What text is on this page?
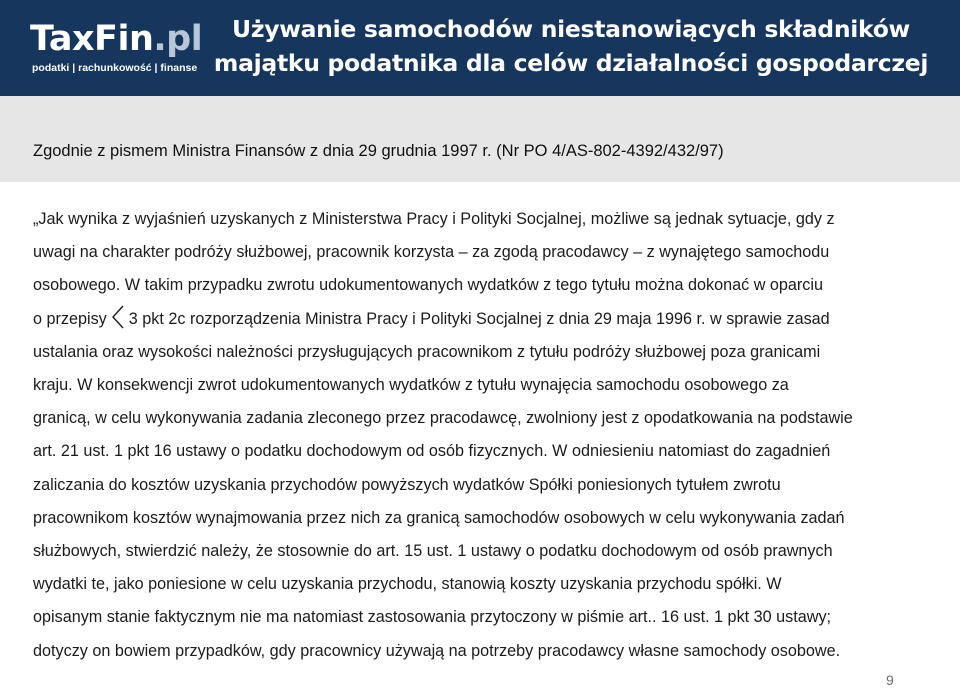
TaxFin.pl
podatki | rachunkowość | finanse
Używanie samochodów niestanowiących składników
majątku podatnika dla celów działalności gospodarczej
Zgodnie z pismem Ministra Finansów z dnia 29 grudnia 1997 r. (Nr PO 4/AS-802-4392/432/97)
„Jak wynika z wyjaśnień uzyskanych z Ministerstwa Pracy i Polityki Socjalnej, możliwe są jednak sytuacje, gdy z
uwagi na charakter podróży służbowej, pracownik korzysta – za zgodą pracodawcy – z wynajętego samochodu
osobowego. W takim przypadku zwrotu udokumentowanych wydatków z tego tytułu można dokonać w oparciu
o przepisy 3 pkt 2c rozporządzenia Ministra Pracy i Polityki Socjalnej z dnia 29 maja 1996 r. w sprawie zasad
ustalania oraz wysokości należności przysługujących pracownikom z tytułu podróży służbowej poza granicami
kraju. W konsekwencji zwrot udokumentowanych wydatków z tytułu wynajęcia samochodu osobowego za
granicą, w celu wykonywania zadania zleconego przez pracodawcę, zwolniony jest z opodatkowania na podstawie
art. 21 ust. 1 pkt 16 ustawy o podatku dochodowym od osób fizycznych. W odniesieniu natomiast do zagadnień
zaliczania do kosztów uzyskania przychodów powyższych wydatków Spółki poniesionych tytułem zwrotu
pracownikom kosztów wynajmowania przez nich za granicą samochodów osobowych w celu wykonywania zadań
służbowych, stwierdzić należy, że stosownie do art. 15 ust. 1 ustawy o podatku dochodowym od osób prawnych
wydatki te, jako poniesione w celu uzyskania przychodu, stanowią koszty uzyskania przychodu spółki. W
opisanym stanie faktycznym nie ma natomiast zastosowania przytoczony w piśmie art.. 16 ust. 1 pkt 30 ustawy;
dotyczy on bowiem przypadków, gdy pracownicy używają na potrzeby pracodawcy własne samochody osobowe.
9
